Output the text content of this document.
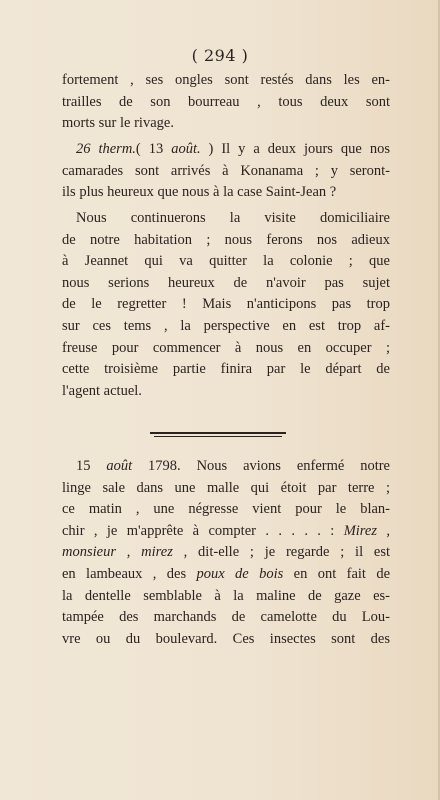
( 294 )
fortement , ses ongles sont restés dans les en-
trailles de son bourreau , tous deux sont
morts sur le rivage.
26 therm.( 13 août. ) Il y a deux jours que nos
camarades sont arrivés à Konanama ; y seront-
ils plus heureux que nous à la case Saint-Jean ?
Nous continuerons la visite domiciliaire
de notre habitation ; nous ferons nos adieux
à Jeannet qui va quitter la colonie ; que
nous serions heureux de n'avoir pas sujet
de le regretter ! Mais n'anticipons pas trop
sur ces tems , la perspective en est trop af-
freuse pour commencer à nous en occuper ;
cette troisième partie finira par le départ de
l'agent actuel.
15 août 1798. Nous avions enfermé notre
linge sale dans une malle qui étoit par terre ;
ce matin , une négresse vient pour le blan-
chir , je m'apprête à compter . . . . . : Mirez ,
monsieur , mirez , dit-elle ; je regarde ; il est
en lambeaux , des poux de bois en ont fait de
la dentelle semblable à la maline de gaze es-
tampée des marchands de camelotte du Lou-
vre ou du boulevard. Ces insectes sont des
